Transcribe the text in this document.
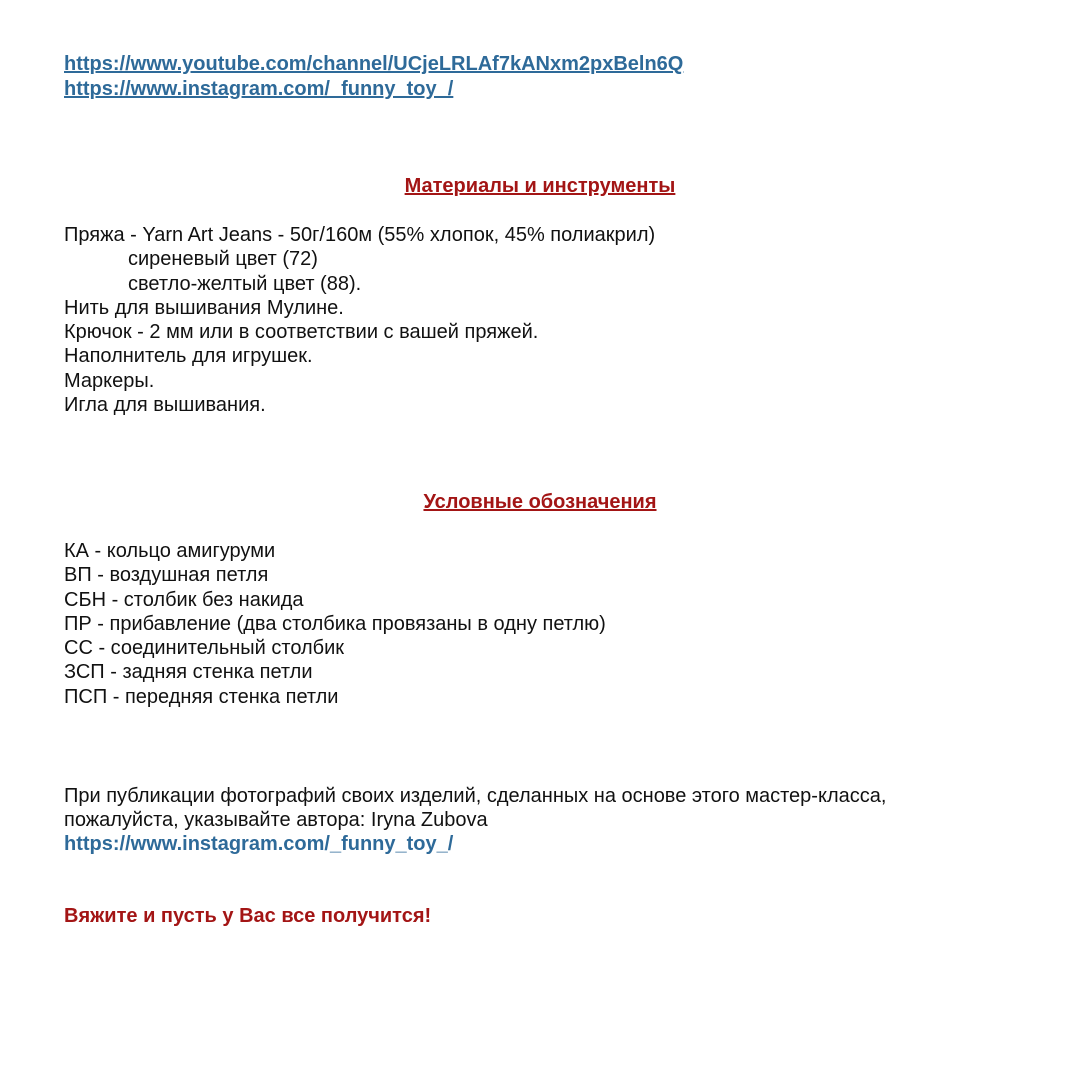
https://www.youtube.com/channel/UCjeLRLAf7kANxm2pxBeln6Q
https://www.instagram.com/_funny_toy_/
Материалы и инструменты
Пряжа - Yarn Art Jeans - 50г/160м (55% хлопок, 45% полиакрил)
сиреневый цвет (72)
светло-желтый цвет (88).
Нить для вышивания Мулине.
Крючок - 2 мм или в соответствии с вашей пряжей.
Наполнитель для игрушек.
Маркеры.
Игла для вышивания.
Условные обозначения
КА - кольцо амигуруми
ВП - воздушная петля
СБН - столбик без накида
ПР - прибавление (два столбика провязаны в одну петлю)
СС - соединительный столбик
ЗСП - задняя стенка петли
ПСП - передняя стенка петли
При публикации фотографий своих изделий, сделанных на основе этого мастер-класса,
пожалуйста, указывайте автора: Iryna Zubova
https://www.instagram.com/_funny_toy_/
Вяжите и пусть у Вас все получится!
